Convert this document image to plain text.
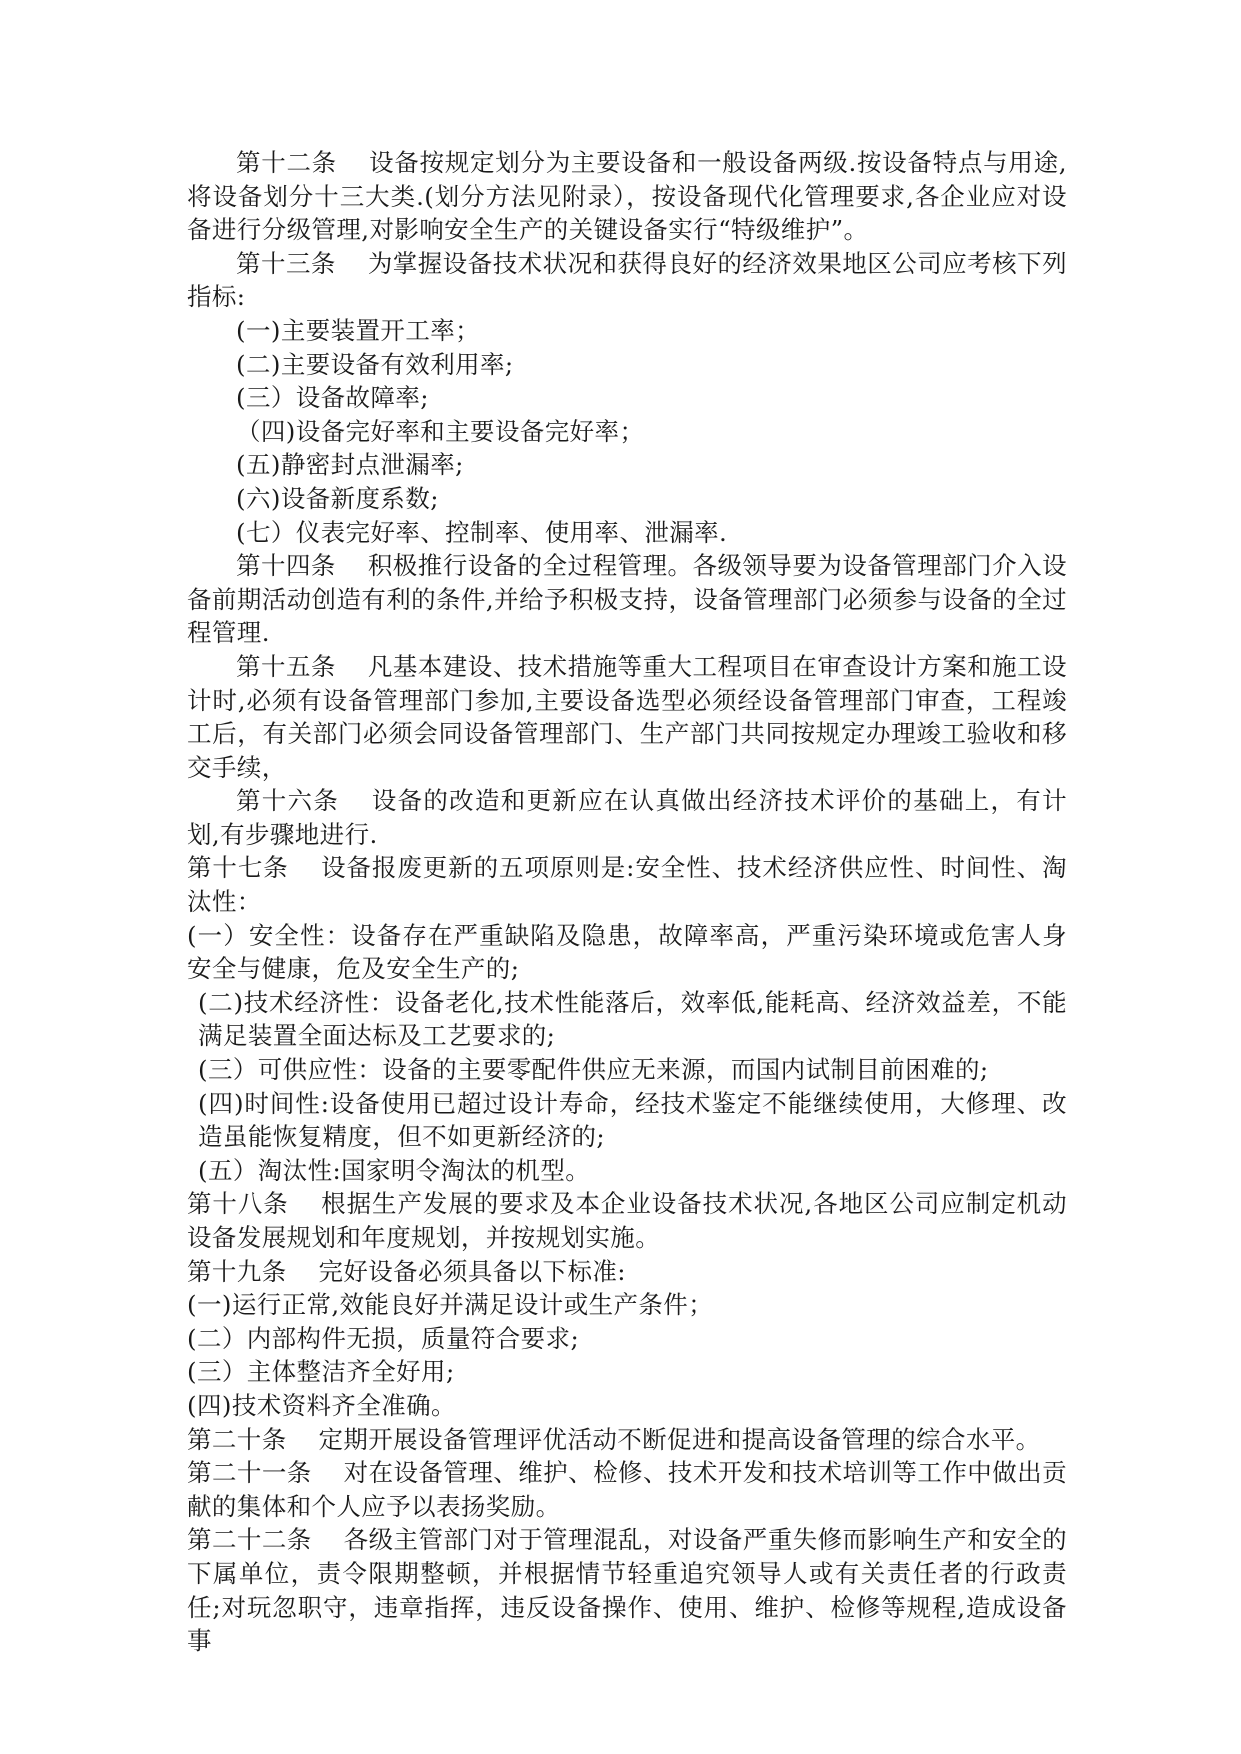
第十二条 设备按规定划分为主要设备和一般设备两级.按设备特点与用途,将设备划分十三大类.(划分方法见附录），按设备现代化管理要求,各企业应对设备进行分级管理,对影响安全生产的关键设备实行“特级维护”。

第十三条 为掌握设备技术状况和获得良好的经济效果地区公司应考核下列指标:

(一)主要装置开工率；

(二)主要设备有效利用率;

(三）设备故障率;

（四)设备完好率和主要设备完好率；

(五)静密封点泄漏率;

(六)设备新度系数;

(七）仪表完好率、控制率、使用率、泄漏率.

第十四条 积极推行设备的全过程管理。各级领导要为设备管理部门介入设备前期活动创造有利的条件,并给予积极支持，设备管理部门必须参与设备的全过程管理.

第十五条 凡基本建设、技术措施等重大工程项目在审查设计方案和施工设计时,必须有设备管理部门参加,主要设备选型必须经设备管理部门审查，工程竣工后，有关部门必须会同设备管理部门、生产部门共同按规定办理竣工验收和移交手续，

第十六条 设备的改造和更新应在认真做出经济技术评价的基础上，有计划,有步骤地进行.

第十七条 设备报废更新的五项原则是:安全性、技术经济供应性、时间性、淘汰性：

(一）安全性：设备存在严重缺陷及隐患，故障率高，严重污染环境或危害人身安全与健康，危及安全生产的;

(二)技术经济性：设备老化,技术性能落后，效率低,能耗高、经济效益差，不能满足装置全面达标及工艺要求的;

(三）可供应性：设备的主要零配件供应无来源，而国内试制目前困难的;

(四)时间性:设备使用已超过设计寿命，经技术鉴定不能继续使用，大修理、改造虽能恢复精度，但不如更新经济的;

(五）淘汰性:国家明令淘汰的机型。

第十八条 根据生产发展的要求及本企业设备技术状况,各地区公司应制定机动设备发展规划和年度规划，并按规划实施。

第十九条 完好设备必须具备以下标准:

(一)运行正常,效能良好并满足设计或生产条件；

(二）内部构件无损，质量符合要求;

(三）主体整洁齐全好用;

(四)技术资料齐全准确。

第二十条 定期开展设备管理评优活动不断促进和提高设备管理的综合水平。

第二十一条 对在设备管理、维护、检修、技术开发和技术培训等工作中做出贡献的集体和个人应予以表扬奖励。

第二十二条 各级主管部门对于管理混乱，对设备严重失修而影响生产和安全的下属单位，责令限期整顿，并根据情节轻重追究领导人或有关责任者的行政责任;对玩忽职守，违章指挥，违反设备操作、使用、维护、检修等规程,造成设备事
